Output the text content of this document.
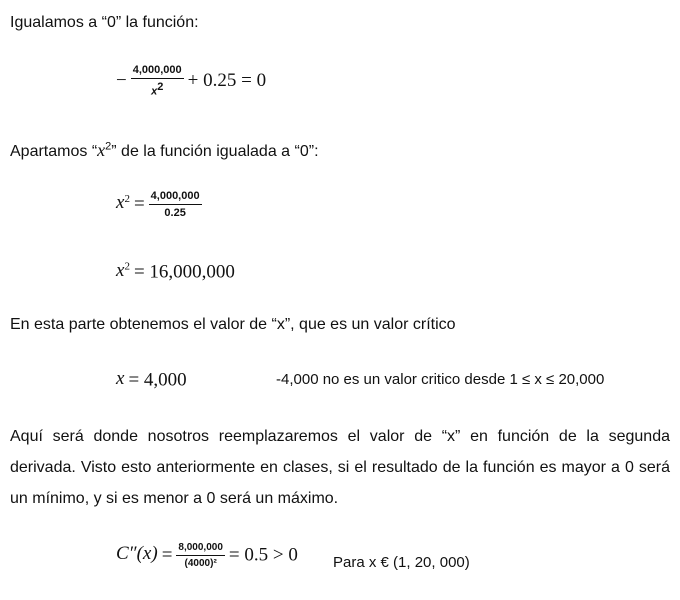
Igualamos a “0” la función:
− $\frac{4,000,000}{x^2} + 0.25 = 0$
Apartamos “$x^2$” de la función igualada a “0”:
$x^2 = \frac{4,000,000}{0.25}$
$x^2 = 16,000,000$
En esta parte obtenemos el valor de “x”, que es un valor crítico
x = 4,000	-4,000 no es un valor critico desde 1 ≤ x ≤ 20,000
Aquí será donde nosotros reemplazaremos el valor de “x” en función de la segunda derivada. Visto esto anteriormente en clases, si el resultado de la función es mayor a 0 será un mínimo, y si es menor a 0 será un máximo.
$C''(x) = \frac{8,000,000}{\text{(4000)²}} = 0.5 > 0$ Para x € (1, 20, 000)
